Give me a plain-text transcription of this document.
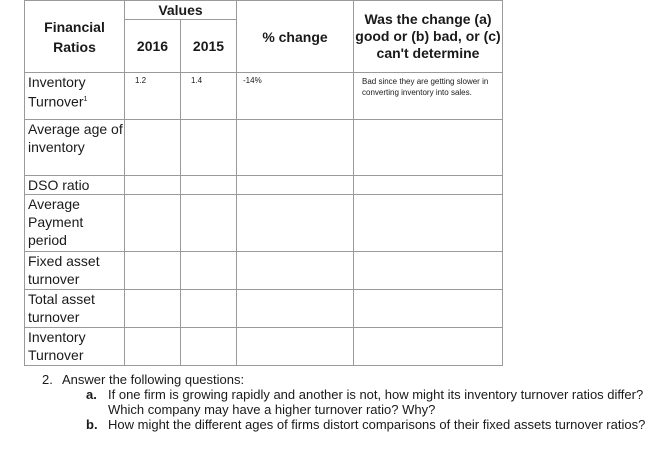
Financial Ratios	Values		% change	Was the change (a) good or (b) bad, or (c) can't determine
	2016	2015		
Inventory Turnover$^1$	1.2	1.4	-14%	Bad since they are getting slower in converting inventory into sales.
Average age of inventory				
DSO ratio				
Average Payment period				
Fixed asset turnover				
Total asset turnover				
Inventory Turnover				
2. Answer the following questions:
a. If one firm is growing rapidly and another is not, how might its inventory turnover ratios differ? Which company may have a higher turnover ratio? Why?
b. How might the different ages of firms distort comparisons of their fixed assets turnover ratios?
